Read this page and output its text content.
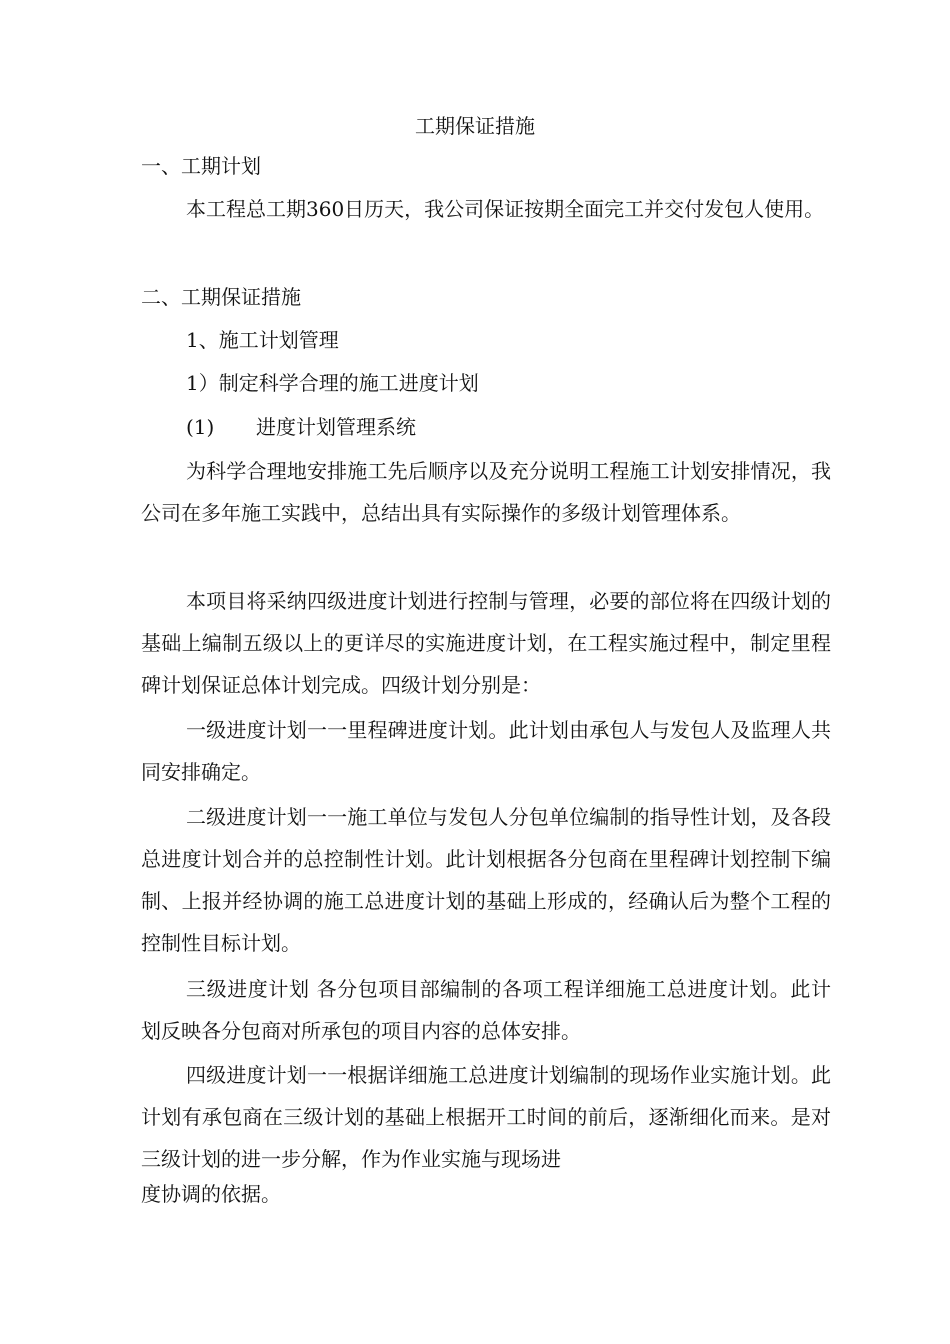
工期保证措施

一、工期计划

本工程总工期360日历天，我公司保证按期全面完工并交付发包人使用。

二、工期保证措施

1、施工计划管理

1）制定科学合理的施工进度计划

(1) 进度计划管理系统

为科学合理地安排施工先后顺序以及充分说明工程施工计划安排情况，我公司在多年施工实践中，总结出具有实际操作的多级计划管理体系。

本项目将采纳四级进度计划进行控制与管理，必要的部位将在四级计划的基础上编制五级以上的更详尽的实施进度计划，在工程实施过程中，制定里程碑计划保证总体计划完成。四级计划分别是：

一级进度计划一一里程碑进度计划。此计划由承包人与发包人及监理人共同安排确定。

二级进度计划一一施工单位与发包人分包单位编制的指导性计划，及各段总进度计划合并的总控制性计划。此计划根据各分包商在里程碑计划控制下编制、上报并经协调的施工总进度计划的基础上形成的，经确认后为整个工程的控制性目标计划。

三级进度计划 各分包项目部编制的各项工程详细施工总进度计划。此计划反映各分包商对所承包的项目内容的总体安排。

四级进度计划一一根据详细施工总进度计划编制的现场作业实施计划。此计划有承包商在三级计划的基础上根据开工时间的前后，逐渐细化而来。是对三级计划的进一步分解，作为作业实施与现场进

度协调的依据。
